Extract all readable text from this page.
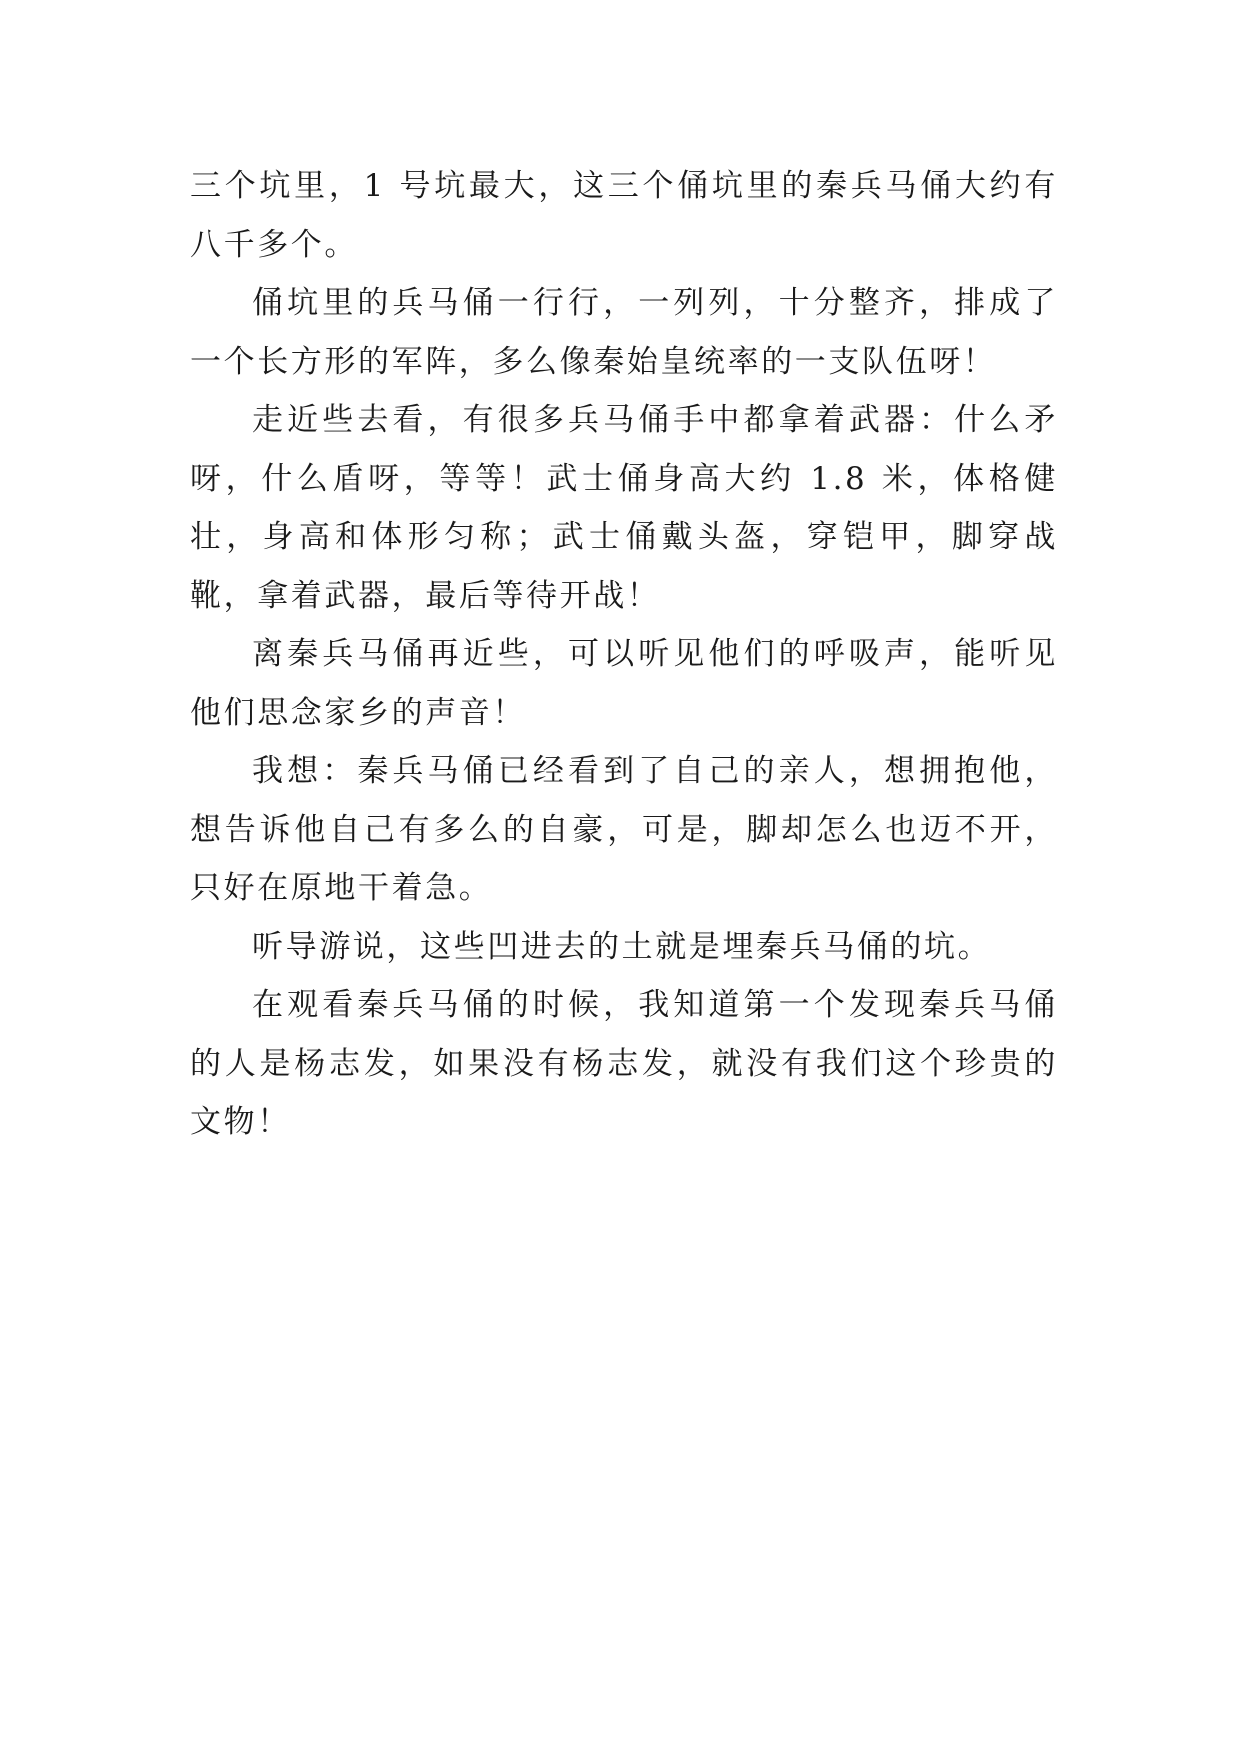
三个坑里，1 号坑最大，这三个俑坑里的秦兵马俑大约有八千多个。

俑坑里的兵马俑一行行，一列列，十分整齐，排成了一个长方形的军阵，多么像秦始皇统率的一支队伍呀！

走近些去看，有很多兵马俑手中都拿着武器：什么矛呀，什么盾呀，等等！武士俑身高大约 1.8 米，体格健壮，身高和体形匀称；武士俑戴头盔，穿铠甲，脚穿战靴，拿着武器，最后等待开战！

离秦兵马俑再近些，可以听见他们的呼吸声，能听见他们思念家乡的声音！

我想：秦兵马俑已经看到了自己的亲人，想拥抱他，想告诉他自己有多么的自豪，可是，脚却怎么也迈不开，只好在原地干着急。

听导游说，这些凹进去的土就是埋秦兵马俑的坑。

在观看秦兵马俑的时候，我知道第一个发现秦兵马俑的人是杨志发，如果没有杨志发，就没有我们这个珍贵的文物！
